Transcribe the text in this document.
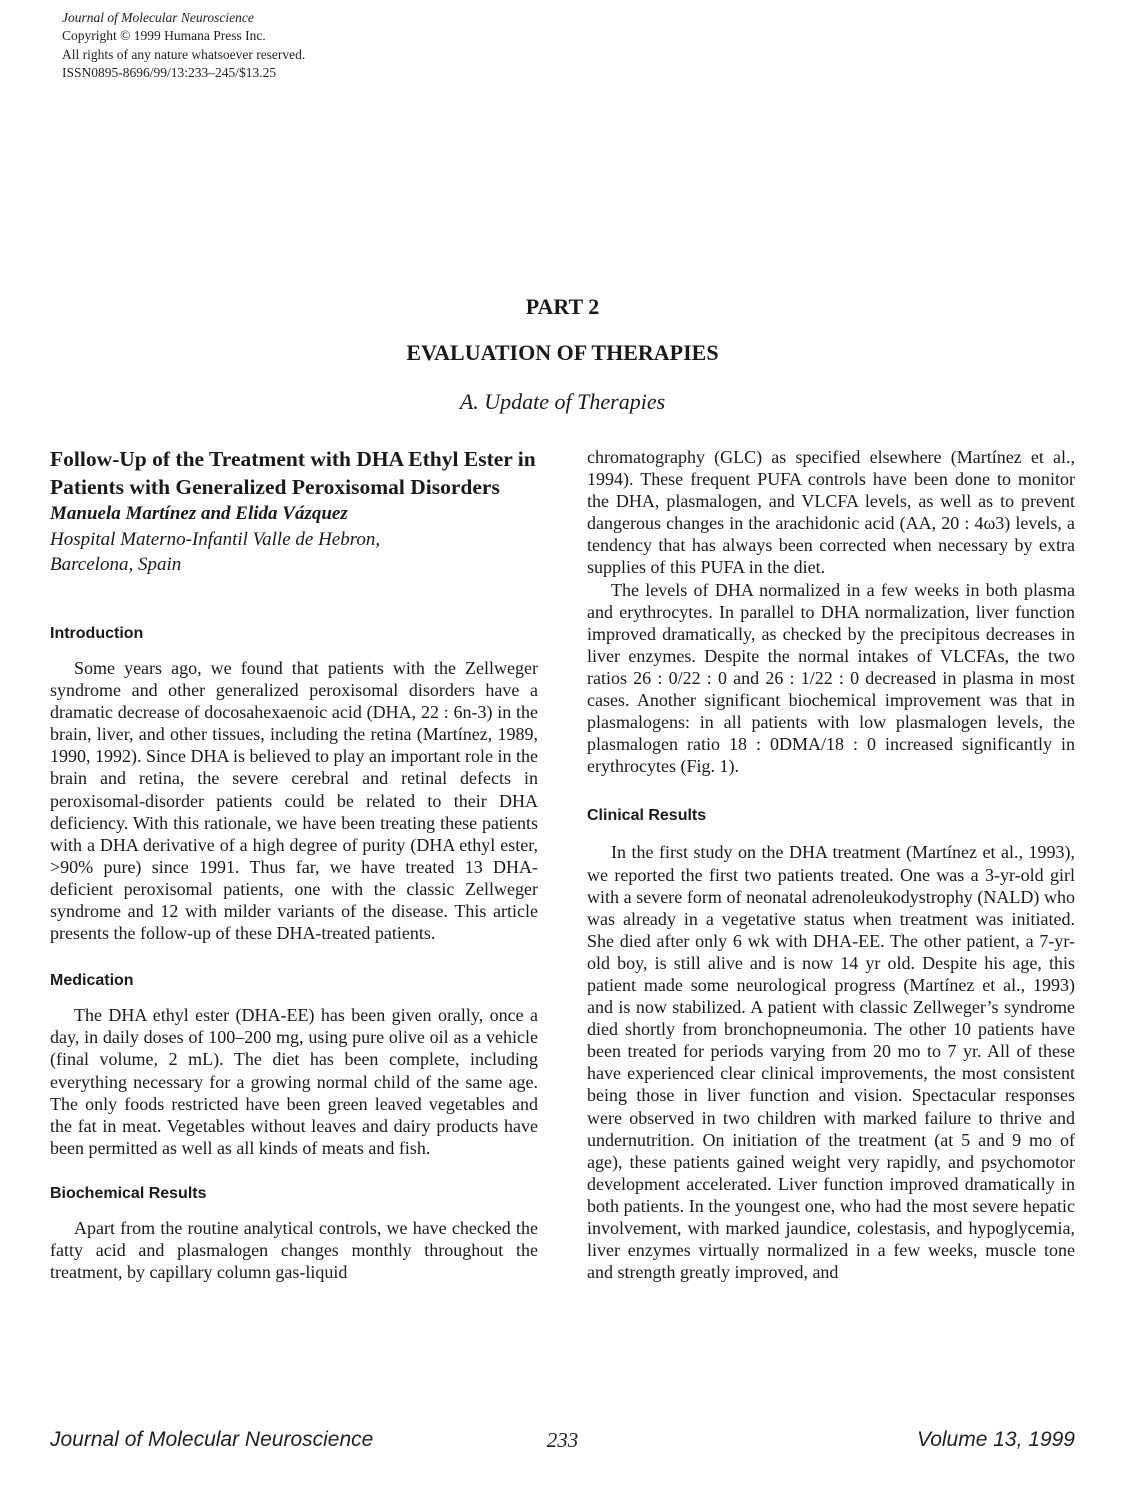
Journal of Molecular Neuroscience
Copyright © 1999 Humana Press Inc.
All rights of any nature whatsoever reserved.
ISSN0895-8696/99/13:233–245/$13.25
PART 2
EVALUATION OF THERAPIES
A. Update of Therapies
Follow-Up of the Treatment with DHA Ethyl Ester in Patients with Generalized Peroxisomal Disorders

Manuela Martínez and Elida Vázquez

Hospital Materno-Infantil Valle de Hebron,

Barcelona, Spain

Introduction

Some years ago, we found that patients with the Zellweger syndrome and other generalized peroxisomal disorders have a dramatic decrease of docosahexaenoic acid (DHA, 22 : 6n-3) in the brain, liver, and other tissues, including the retina (Martínez, 1989, 1990, 1992). Since DHA is believed to play an important role in the brain and retina, the severe cerebral and retinal defects in peroxisomal-disorder patients could be related to their DHA deficiency. With this rationale, we have been treating these patients with a DHA derivative of a high degree of purity (DHA ethyl ester, >90% pure) since 1991. Thus far, we have treated 13 DHA-deficient peroxisomal patients, one with the classic Zellweger syndrome and 12 with milder variants of the disease. This article presents the follow-up of these DHA-treated patients.

Medication

The DHA ethyl ester (DHA-EE) has been given orally, once a day, in daily doses of 100–200 mg, using pure olive oil as a vehicle (final volume, 2 mL). The diet has been complete, including everything necessary for a growing normal child of the same age. The only foods restricted have been green leaved vegetables and the fat in meat. Vegetables without leaves and dairy products have been permitted as well as all kinds of meats and fish.

Biochemical Results

Apart from the routine analytical controls, we have checked the fatty acid and plasmalogen changes monthly throughout the treatment, by capillary column gas-liquid

chromatography (GLC) as specified elsewhere (Martínez et al., 1994). These frequent PUFA controls have been done to monitor the DHA, plasmalogen, and VLCFA levels, as well as to prevent dangerous changes in the arachidonic acid (AA, 20 : 4ω3) levels, a tendency that has always been corrected when necessary by extra supplies of this PUFA in the diet.

The levels of DHA normalized in a few weeks in both plasma and erythrocytes. In parallel to DHA normalization, liver function improved dramatically, as checked by the precipitous decreases in liver enzymes. Despite the normal intakes of VLCFAs, the two ratios 26 : 0/22 : 0 and 26 : 1/22 : 0 decreased in plasma in most cases. Another significant biochemical improvement was that in plasmalogens: in all patients with low plasmalogen levels, the plasmalogen ratio 18 : 0DMA/18 : 0 increased significantly in erythrocytes (Fig. 1).

Clinical Results

In the first study on the DHA treatment (Martínez et al., 1993), we reported the first two patients treated. One was a 3-yr-old girl with a severe form of neonatal adrenoleukodystrophy (NALD) who was already in a vegetative status when treatment was initiated. She died after only 6 wk with DHA-EE. The other patient, a 7-yr-old boy, is still alive and is now 14 yr old. Despite his age, this patient made some neurological progress (Martínez et al., 1993) and is now stabilized. A patient with classic Zellweger’s syndrome died shortly from bronchopneumonia. The other 10 patients have been treated for periods varying from 20 mo to 7 yr. All of these have experienced clear clinical improvements, the most consistent being those in liver function and vision. Spectacular responses were observed in two children with marked failure to thrive and undernutrition. On initiation of the treatment (at 5 and 9 mo of age), these patients gained weight very rapidly, and psychomotor development accelerated. Liver function improved dramatically in both patients. In the youngest one, who had the most severe hepatic involvement, with marked jaundice, colestasis, and hypoglycemia, liver enzymes virtually normalized in a few weeks, muscle tone and strength greatly improved, and

Journal of Molecular Neuroscience	233	Volume 13, 1999
